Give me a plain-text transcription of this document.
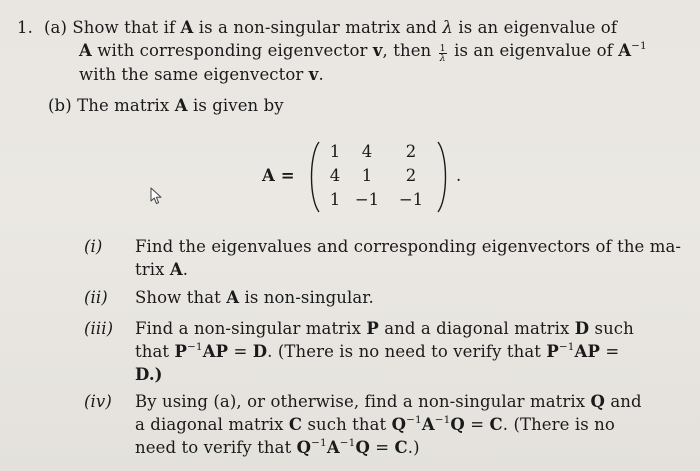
1. (a) Show that if A is a non-singular matrix and λ is an eigenvalue of
A with corresponding eigenvector v, then $\frac{1}{\lambda}$ is an eigenvalue of $A^{-1}$
with the same eigenvector v.
(b) The matrix A is given by
A =
1	4	2
4	1	2
1 −1 −1
.
(i) Find the eigenvalues and corresponding eigenvectors of the ma-
trix A.
(ii) Show that A is non-singular.
(iii) Find a non-singular matrix P and a diagonal matrix D such
that $P^{-1}AP = D$. (There is no need to verify that $P^{-1}AP$ =
D.)
(iv) By using (a), or otherwise, find a non-singular matrix Q and
a diagonal matrix C such that $Q^{-1}A^{-1}Q = C$. (There is no
need to verify that $Q^{-1}A^{-1}Q = C$.)
